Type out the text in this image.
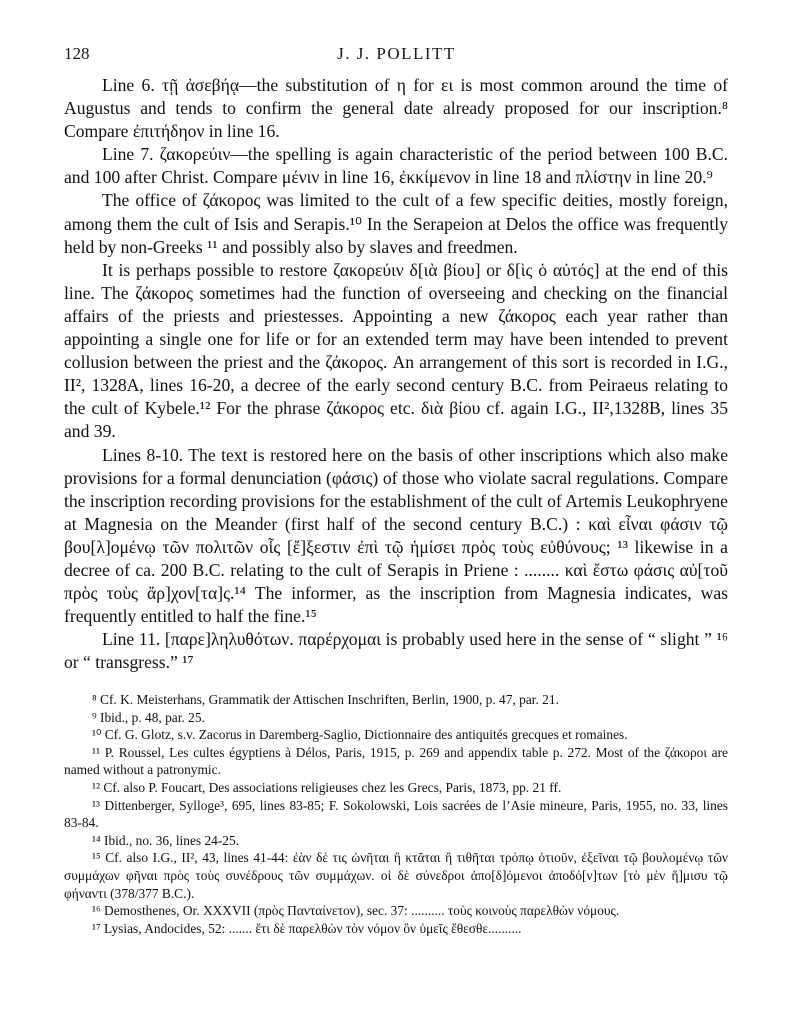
128	J. J. POLLITT

Line 6. τῇ ἀσεβήᾳ—the substitution of η for ει is most common around the time of Augustus and tends to confirm the general date already proposed for our inscription.⁸ Compare ἐπιτήδηον in line 16.

Line 7. ζακορεύιν—the spelling is again characteristic of the period between 100 B.C. and 100 after Christ. Compare μένιν in line 16, ἐκκίμενον in line 18 and πλίστην in line 20.⁹

The office of ζάκορος was limited to the cult of a few specific deities, mostly foreign, among them the cult of Isis and Serapis.¹⁰ In the Serapeion at Delos the office was frequently held by non-Greeks ¹¹ and possibly also by slaves and freedmen.

It is perhaps possible to restore ζακορεύιν δ[ιὰ βίου] or δ[ὶς ὁ αὐτός] at the end of this line. The ζάκορος sometimes had the function of overseeing and checking on the financial affairs of the priests and priestesses. Appointing a new ζάκορος each year rather than appointing a single one for life or for an extended term may have been intended to prevent collusion between the priest and the ζάκορος. An arrangement of this sort is recorded in I.G., II², 1328A, lines 16-20, a decree of the early second century B.C. from Peiraeus relating to the cult of Kybele.¹² For the phrase ζάκορος etc. διὰ βίου cf. again I.G., II²,1328B, lines 35 and 39.

Lines 8-10. The text is restored here on the basis of other inscriptions which also make provisions for a formal denunciation (φάσις) of those who violate sacral regulations. Compare the inscription recording provisions for the establishment of the cult of Artemis Leukophryene at Magnesia on the Meander (first half of the second century B.C.) : καὶ εἶναι φάσιν τῷ βου[λ]ομένῳ τῶν πολιτῶν οἷς [ἔ]ξεστιν ἐπὶ τῷ ἡμίσει πρὸς τοὺς εὐθύνους; ¹³ likewise in a decree of ca. 200 B.C. relating to the cult of Serapis in Priene : ........ καὶ ἔστω φάσις αὐ[τοῦ πρὸς τοὺς ἄρ]χον[τα]ς.¹⁴ The informer, as the inscription from Magnesia indicates, was frequently entitled to half the fine.¹⁵

Line 11. [παρε]ληλυθότων. παρέρχομαι is probably used here in the sense of “ slight ” ¹⁶ or “ transgress.” ¹⁷

⁸ Cf. K. Meisterhans, Grammatik der Attischen Inschriften, Berlin, 1900, p. 47, par. 21.

⁹ Ibid., p. 48, par. 25.

¹⁰ Cf. G. Glotz, s.v. Zacorus in Daremberg-Saglio, Dictionnaire des antiquités grecques et romaines.

¹¹ P. Roussel, Les cultes égyptiens à Délos, Paris, 1915, p. 269 and appendix table p. 272. Most of the ζάκοροι are named without a patronymic.

¹² Cf. also P. Foucart, Des associations religieuses chez les Grecs, Paris, 1873, pp. 21 ff.

¹³ Dittenberger, Sylloge³, 695, lines 83-85; F. Sokolowski, Lois sacrées de l’Asie mineure, Paris, 1955, no. 33, lines 83-84.

¹⁴ Ibid., no. 36, lines 24-25.

¹⁵ Cf. also I.G., II², 43, lines 41-44: ἐὰν δέ τις ὠνῆται ἢ κτᾶται ἢ τιθῆται τρόπῳ ὁτιοῦν, ἐξεῖναι τῷ βουλομένῳ τῶν συμμάχων φῆναι πρὸς τοὺς συνέδρους τῶν συμμάχων. οἱ δὲ σύνεδροι ἀπο[δ]όμενοι ἀποδό[ν]των [τὸ μὲν ἥ]μισυ τῷ φήναντι (378/377 B.C.).

¹⁶ Demosthenes, Or. XXXVII (πρὸς Πανταίνετον), sec. 37: .......... τοὺς κοινοὺς παρελθὼν νόμους.

¹⁷ Lysias, Andocides, 52: ....... ἔτι δὲ παρελθὼν τὸν νόμον ὃν ὑμεῖς ἔθεσθε..........
